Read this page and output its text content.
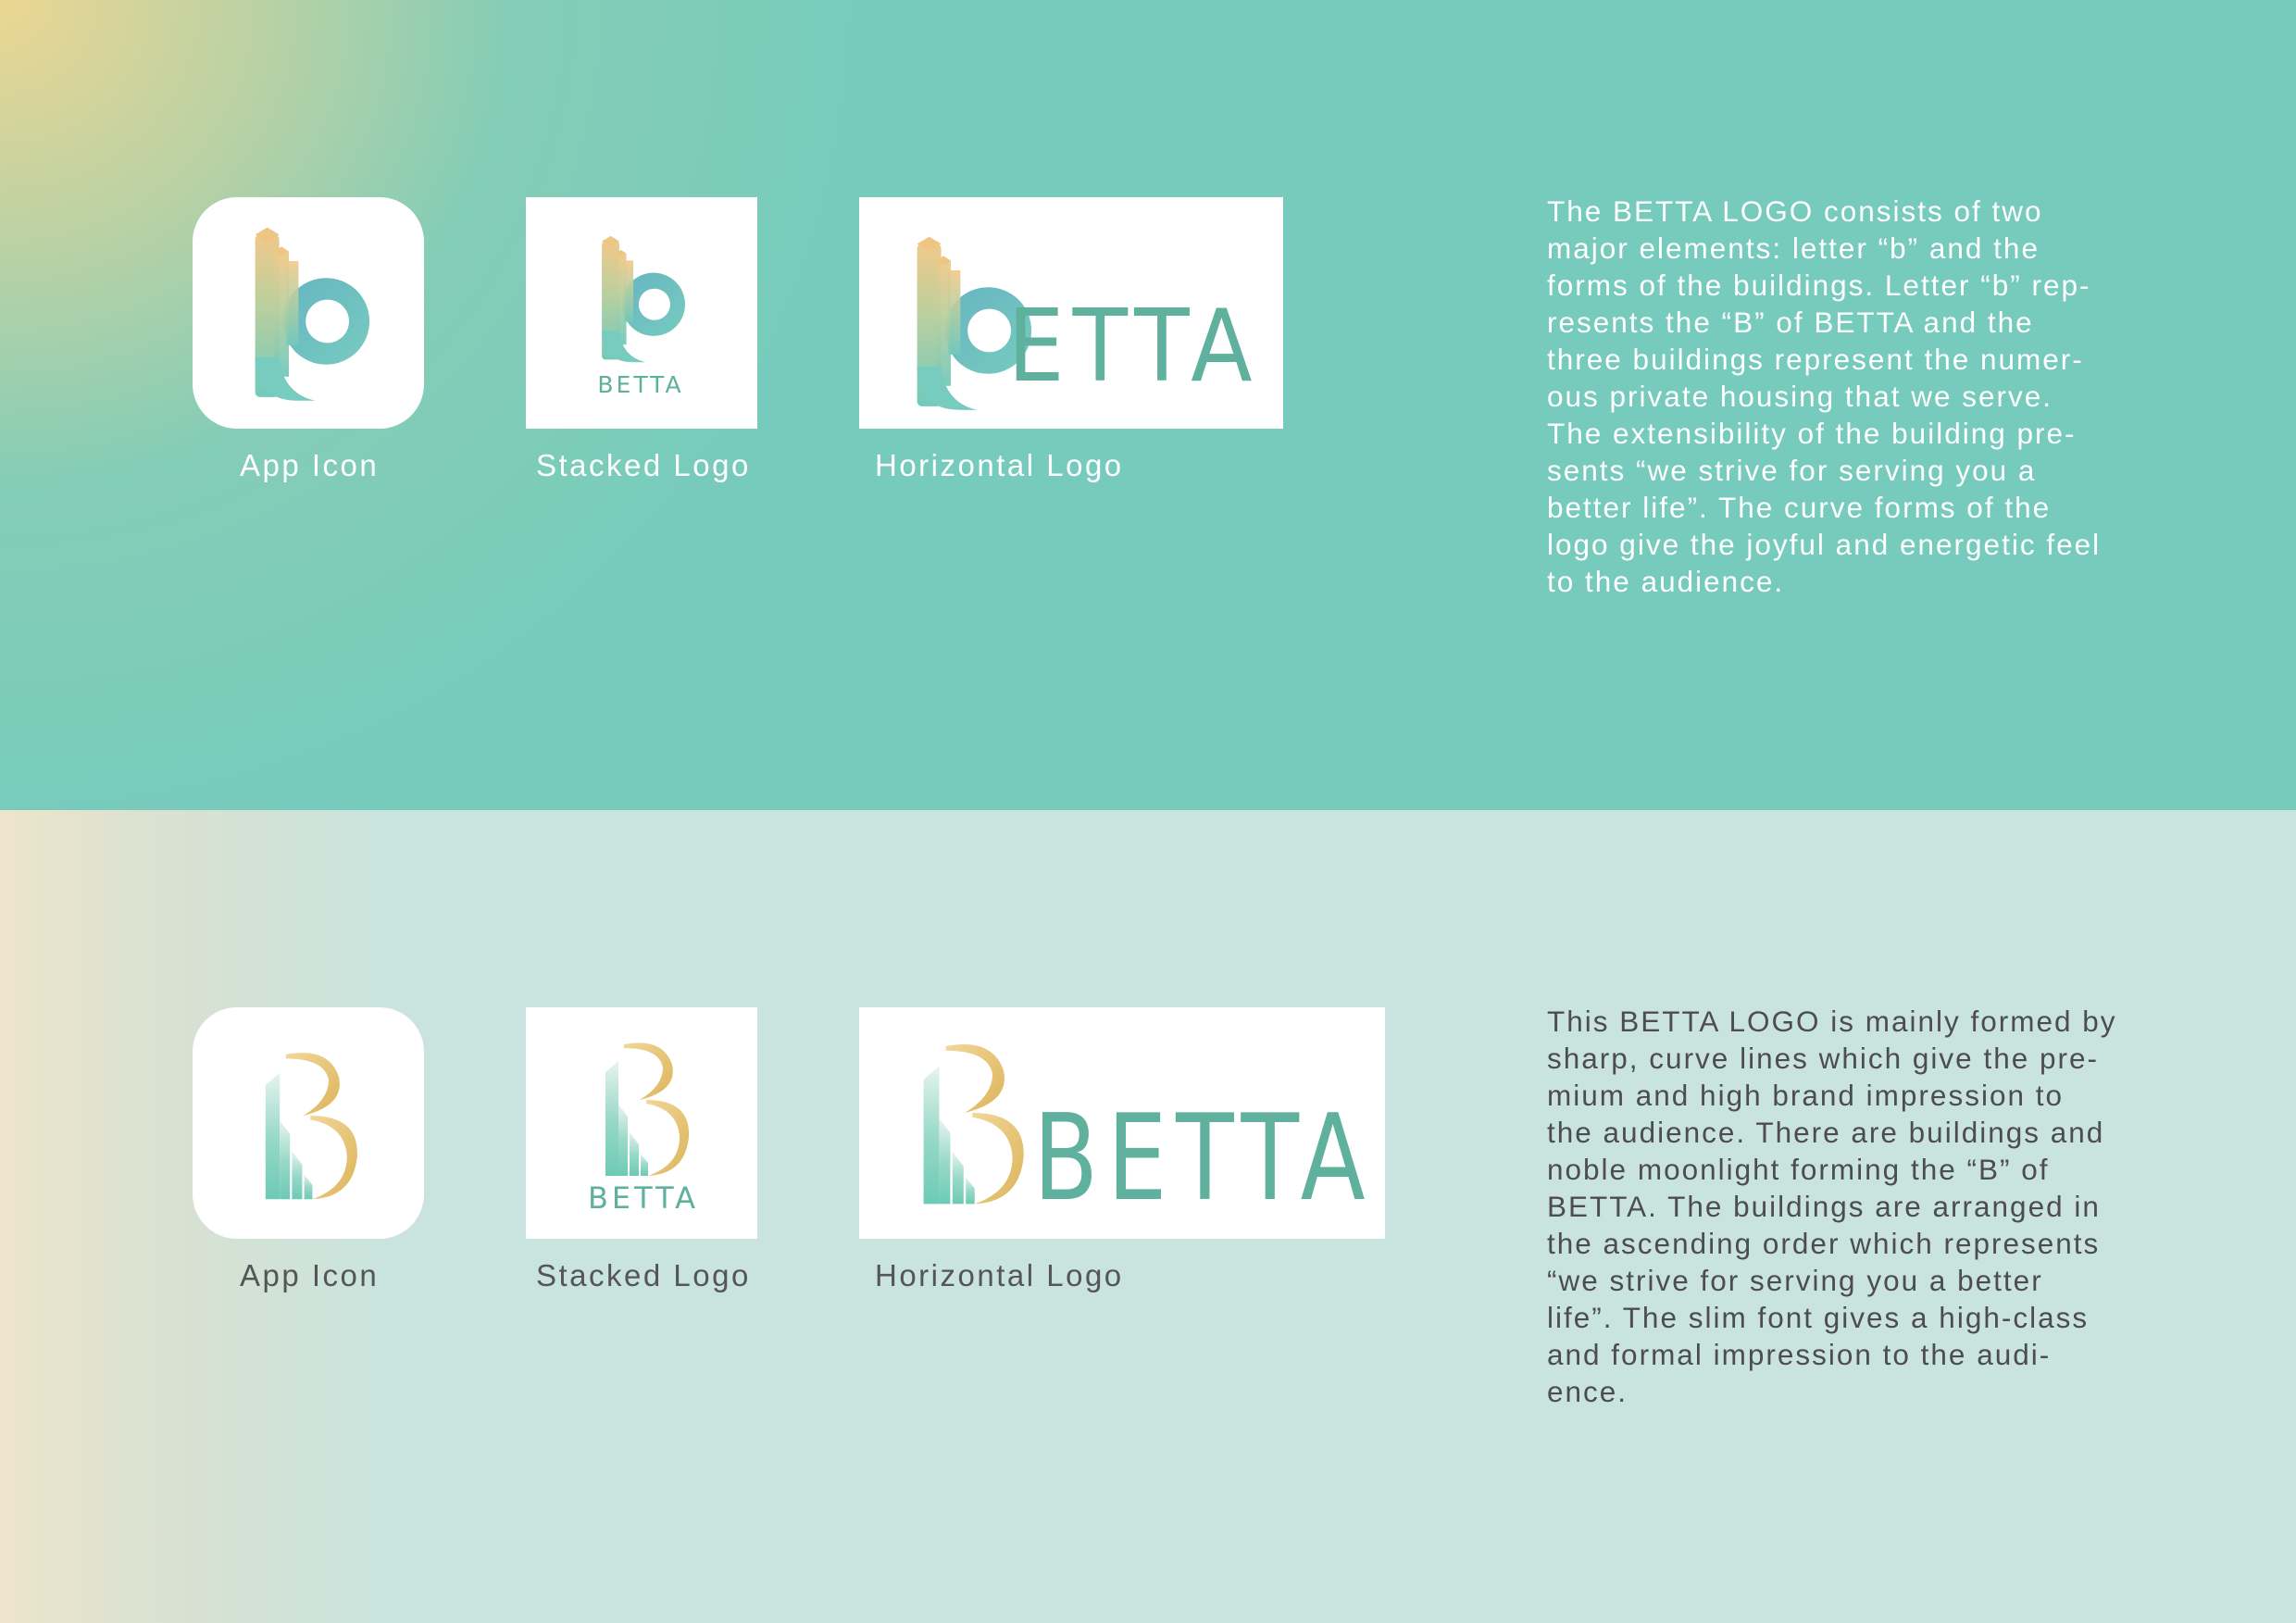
App Icon
BETTA
Stacked Logo
ETTA
Horizontal Logo

The BETTA LOGO consists of two
major elements: letter “b” and the
forms of the buildings. Letter “b” rep-
resents the “B” of BETTA and the
three buildings represent the numer-
ous private housing that we serve.
The extensibility of the building pre-
sents “we strive for serving you a
better life”. The curve forms of the
logo give the joyful and energetic feel
to the audience.

App Icon
BETTA
Stacked Logo
BETTA
Horizontal Logo

This BETTA LOGO is mainly formed by
sharp, curve lines which give the pre-
mium and high brand impression to
the audience. There are buildings and
noble moonlight forming the “B” of
BETTA. The buildings are arranged in
the ascending order which represents
“we strive for serving you a better
life”. The slim font gives a high-class
and formal impression to the audi-
ence.
